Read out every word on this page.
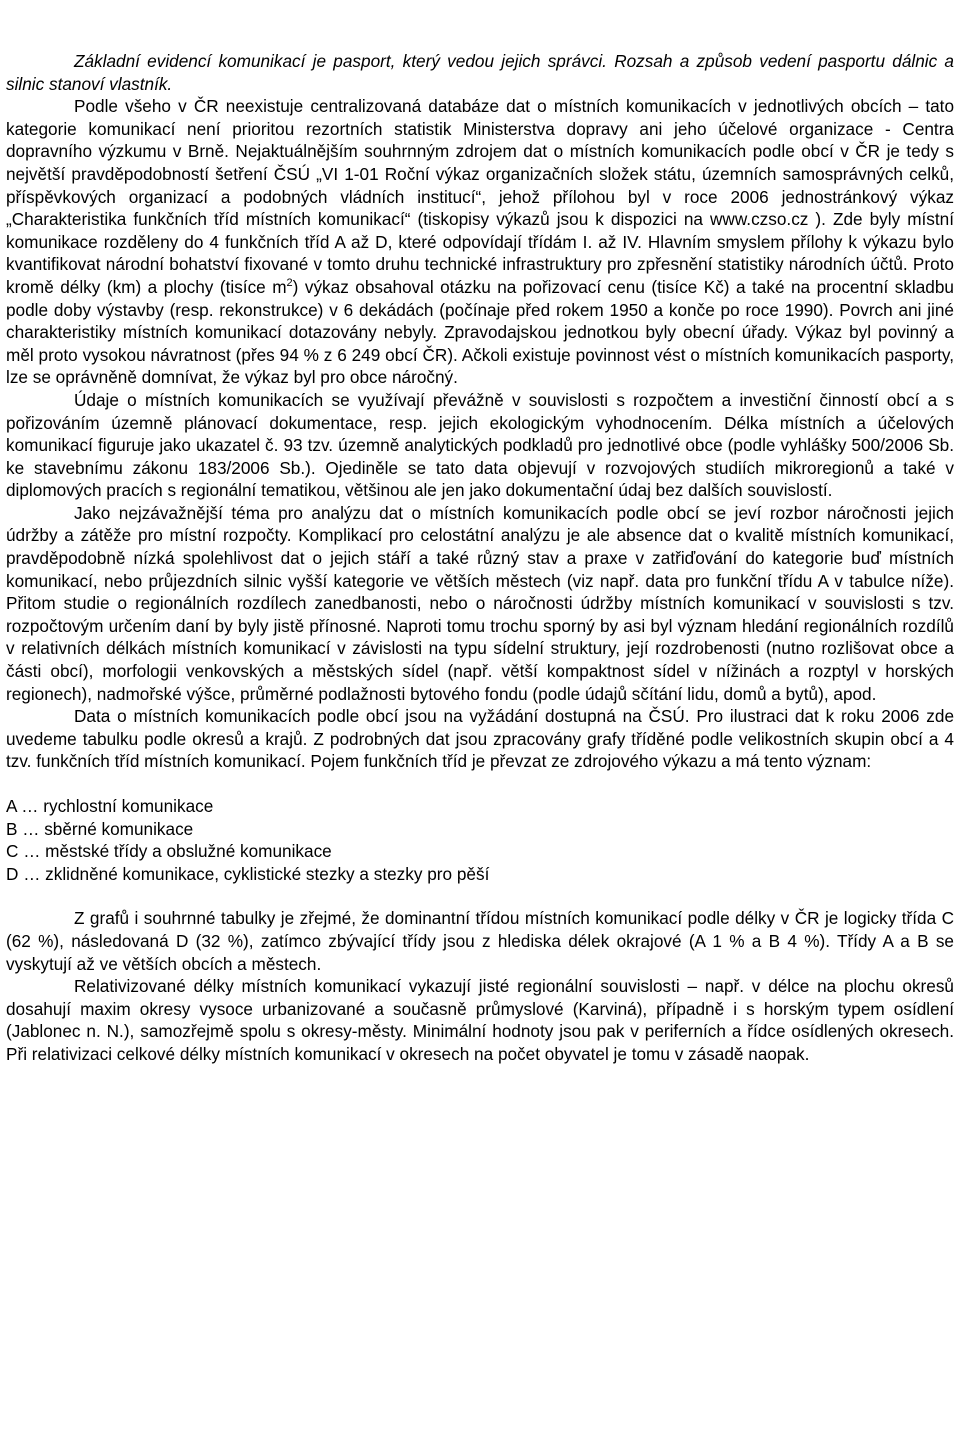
Základní evidencí komunikací je pasport, který vedou jejich správci. Rozsah a způsob vedení pasportu dálnic a silnic stanoví vlastník.

Podle všeho v ČR neexistuje centralizovaná databáze dat o místních komunikacích v jednotlivých obcích – tato kategorie komunikací není prioritou rezortních statistik Ministerstva dopravy ani jeho účelové organizace - Centra dopravního výzkumu v Brně. Nejaktuálnějším souhrnným zdrojem dat o místních komunikacích podle obcí v ČR je tedy s největší pravděpodobností šetření ČSÚ „VI 1-01 Roční výkaz organizačních složek státu, územních samosprávných celků, příspěvkových organizací a podobných vládních institucí“, jehož přílohou byl v roce 2006 jednostránkový výkaz „Charakteristika funkčních tříd místních komunikací“ (tiskopisy výkazů jsou k dispozici na www.czso.cz ). Zde byly místní komunikace rozděleny do 4 funkčních tříd A až D, které odpovídají třídám I. až IV. Hlavním smyslem přílohy k výkazu bylo kvantifikovat národní bohatství fixované v tomto druhu technické infrastruktury pro zpřesnění statistiky národních účtů. Proto kromě délky (km) a plochy (tisíce $m^2$) výkaz obsahoval otázku na pořizovací cenu (tisíce Kč) a také na procentní skladbu podle doby výstavby (resp. rekonstrukce) v 6 dekádách (počínaje před rokem 1950 a konče po roce 1990). Povrch ani jiné charakteristiky místních komunikací dotazovány nebyly. Zpravodajskou jednotkou byly obecní úřady. Výkaz byl povinný a měl proto vysokou návratnost (přes 94 % z 6 249 obcí ČR). Ačkoli existuje povinnost vést o místních komunikacích pasporty, lze se oprávněně domnívat, že výkaz byl pro obce náročný.

Údaje o místních komunikacích se využívají převážně v souvislosti s rozpočtem a investiční činností obcí a s pořizováním územně plánovací dokumentace, resp. jejich ekologickým vyhodnocením. Délka místních a účelových komunikací figuruje jako ukazatel č. 93 tzv. územně analytických podkladů pro jednotlivé obce (podle vyhlášky 500/2006 Sb. ke stavebnímu zákonu 183/2006 Sb.). Ojediněle se tato data objevují v rozvojových studiích mikroregionů a také v diplomových pracích s regionální tematikou, většinou ale jen jako dokumentační údaj bez dalších souvislostí.

Jako nejzávažnější téma pro analýzu dat o místních komunikacích podle obcí se jeví rozbor náročnosti jejich údržby a zátěže pro místní rozpočty. Komplikací pro celostátní analýzu je ale absence dat o kvalitě místních komunikací, pravděpodobně nízká spolehlivost dat o jejich stáří a také různý stav a praxe v zatřiďování do kategorie buď místních komunikací, nebo průjezdních silnic vyšší kategorie ve větších městech (viz např. data pro funkční třídu A v tabulce níže). Přitom studie o regionálních rozdílech zanedbanosti, nebo o náročnosti údržby místních komunikací v souvislosti s tzv. rozpočtovým určením daní by byly jistě přínosné. Naproti tomu trochu sporný by asi byl význam hledání regionálních rozdílů v relativních délkách místních komunikací v závislosti na typu sídelní struktury, její rozdrobenosti (nutno rozlišovat obce a části obcí), morfologii venkovských a městských sídel (např. větší kompaktnost sídel v nížinách a rozptyl v horských regionech), nadmořské výšce, průměrné podlažnosti bytového fondu (podle údajů sčítání lidu, domů a bytů), apod.

Data o místních komunikacích podle obcí jsou na vyžádání dostupná na ČSÚ. Pro ilustraci dat k roku 2006 zde uvedeme tabulku podle okresů a krajů. Z podrobných dat jsou zpracovány grafy tříděné podle velikostních skupin obcí a 4 tzv. funkčních tříd místních komunikací. Pojem funkčních tříd je převzat ze zdrojového výkazu a má tento význam:

A … rychlostní komunikace
B … sběrné komunikace
C … městské třídy a obslužné komunikace
D … zklidněné komunikace, cyklistické stezky a stezky pro pěší

Z grafů i souhrnné tabulky je zřejmé, že dominantní třídou místních komunikací podle délky v ČR je logicky třída C (62 %), následovaná D (32 %), zatímco zbývající třídy jsou z hlediska délek okrajové (A 1 % a B 4 %). Třídy A a B se vyskytují až ve větších obcích a městech.

Relativizované délky místních komunikací vykazují jisté regionální souvislosti – např. v délce na plochu okresů dosahují maxim okresy vysoce urbanizované a současně průmyslové (Karviná), případně i s horským typem osídlení (Jablonec n. N.), samozřejmě spolu s okresy-městy. Minimální hodnoty jsou pak v periferních a řídce osídlených okresech. Při relativizaci celkové délky místních komunikací v okresech na počet obyvatel je tomu v zásadě naopak.
